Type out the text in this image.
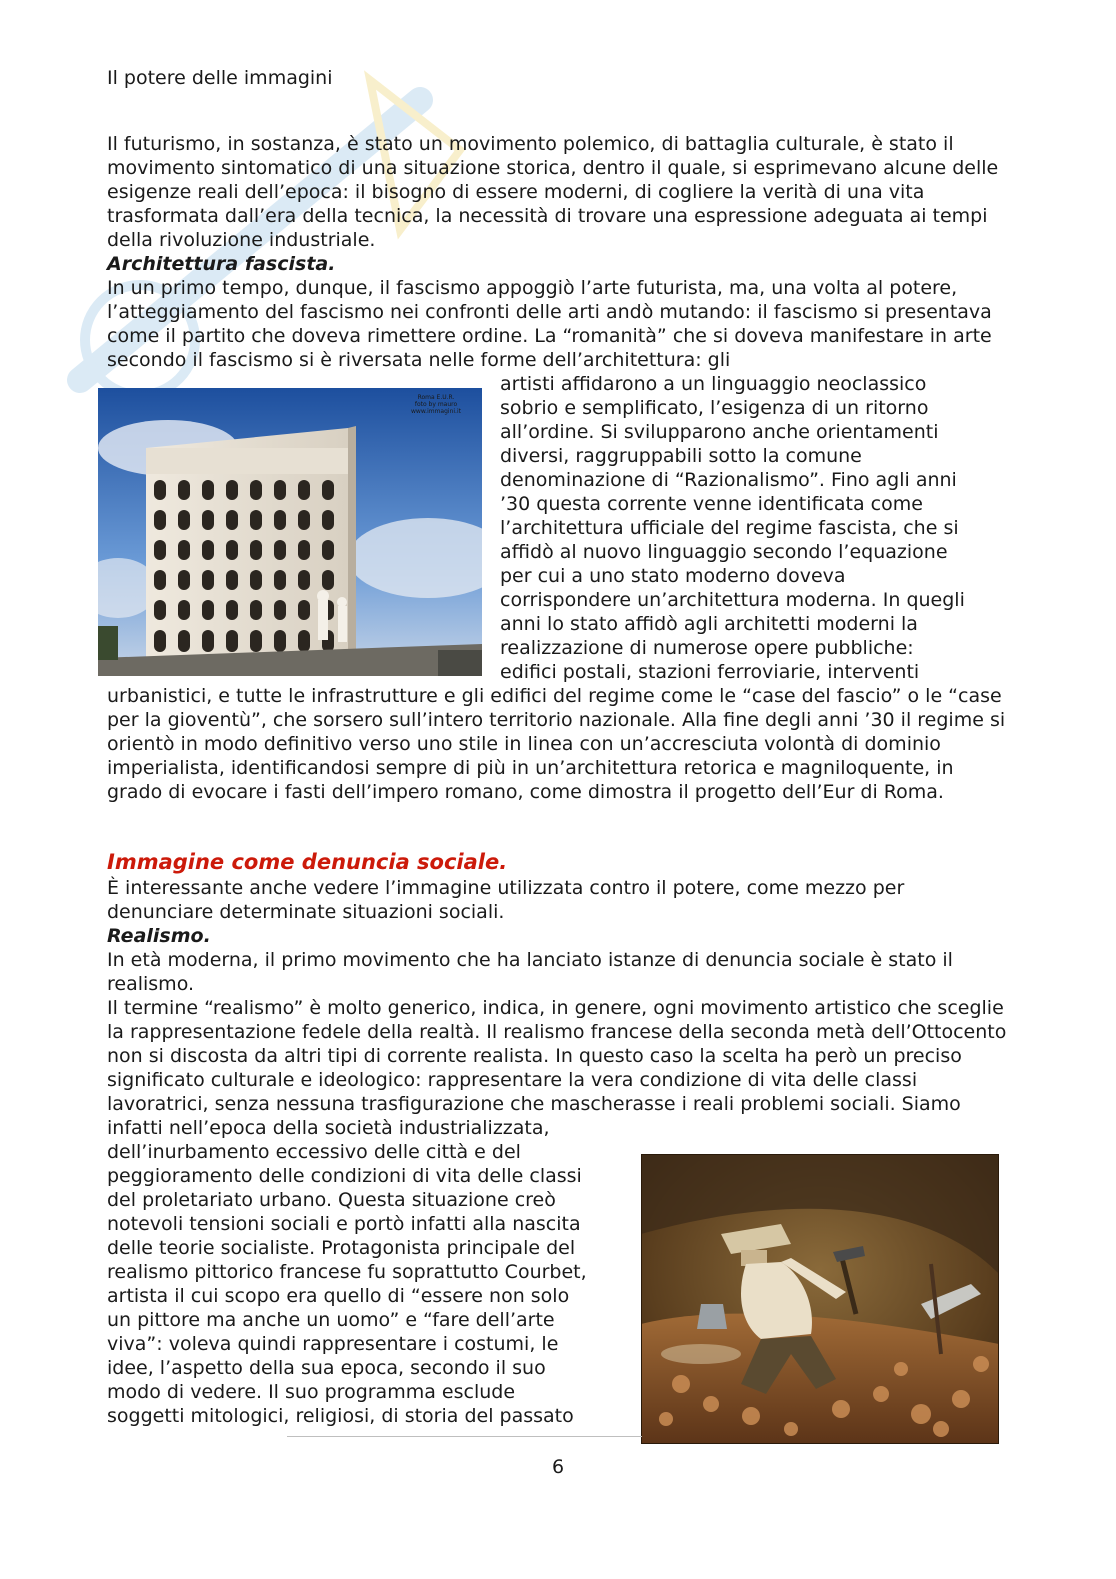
Il potere delle immagini

Il futurismo, in sostanza, è stato un movimento polemico, di battaglia culturale, è stato il movimento sintomatico di una situazione storica, dentro il quale, si esprimevano alcune delle esigenze reali dell’epoca: il bisogno di essere moderni, di cogliere la verità di una vita trasformata dall’era della tecnica, la necessità di trovare una espressione adeguata ai tempi della rivoluzione industriale.

Architettura fascista.

In un primo tempo, dunque, il fascismo appoggiò l’arte futurista, ma, una volta al potere, l’atteggiamento del fascismo nei confronti delle arti andò mutando: il fascismo si presentava come il partito che doveva rimettere ordine. La “romanità” che si doveva manifestare in arte secondo il fascismo si è riversata nelle forme dell’architettura: gli

Roma E.U.R.
foto by mauro
www.immagini.it
artisti affidarono a un linguaggio neoclassico
sobrio e semplificato, l’esigenza di un ritorno
all’ordine. Si svilupparono anche orientamenti
diversi, raggruppabili sotto la comune
denominazione di “Razionalismo”. Fino agli anni
’30 questa corrente venne identificata come
l’architettura ufficiale del regime fascista, che si
affidò al nuovo linguaggio secondo l’equazione
per cui a uno stato moderno doveva
corrispondere un’architettura moderna. In quegli
anni lo stato affidò agli architetti moderni la
realizzazione di numerose opere pubbliche:
edifici postali, stazioni ferroviarie, interventi

urbanistici, e tutte le infrastrutture e gli edifici del regime come le “case del fascio” o le “case per la gioventù”, che sorsero sull’intero territorio nazionale. Alla fine degli anni ’30 il regime si orientò in modo definitivo verso uno stile in linea con un’accresciuta volontà di dominio imperialista, identificandosi sempre di più in un’architettura retorica e magniloquente, in grado di evocare i fasti dell’impero romano, come dimostra il progetto dell’Eur di Roma.

Immagine come denuncia sociale.

È interessante anche vedere l’immagine utilizzata contro il potere, come mezzo per denunciare determinate situazioni sociali.

Realismo.

In età moderna, il primo movimento che ha lanciato istanze di denuncia sociale è stato il realismo.

Il termine “realismo” è molto generico, indica, in genere, ogni movimento artistico che sceglie la rappresentazione fedele della realtà. Il realismo francese della seconda metà dell’Ottocento non si discosta da altri tipi di corrente realista. In questo caso la scelta ha però un preciso significato culturale e ideologico: rappresentare la vera condizione di vita delle classi lavoratrici, senza nessuna trasfigurazione che mascherasse i reali problemi sociali. Siamo infatti nell’epoca della società industrializzata,

dell’inurbamento eccessivo delle città e del
peggioramento delle condizioni di vita delle classi
del proletariato urbano. Questa situazione creò
notevoli tensioni sociali e portò infatti alla nascita
delle teorie socialiste. Protagonista principale del
realismo pittorico francese fu soprattutto Courbet,
artista il cui scopo era quello di “essere non solo
un pittore ma anche un uomo” e “fare dell’arte
viva”: voleva quindi rappresentare i costumi, le
idee, l’aspetto della sua epoca, secondo il suo
modo di vedere. Il suo programma esclude
soggetti mitologici, religiosi, di storia del passato
6
